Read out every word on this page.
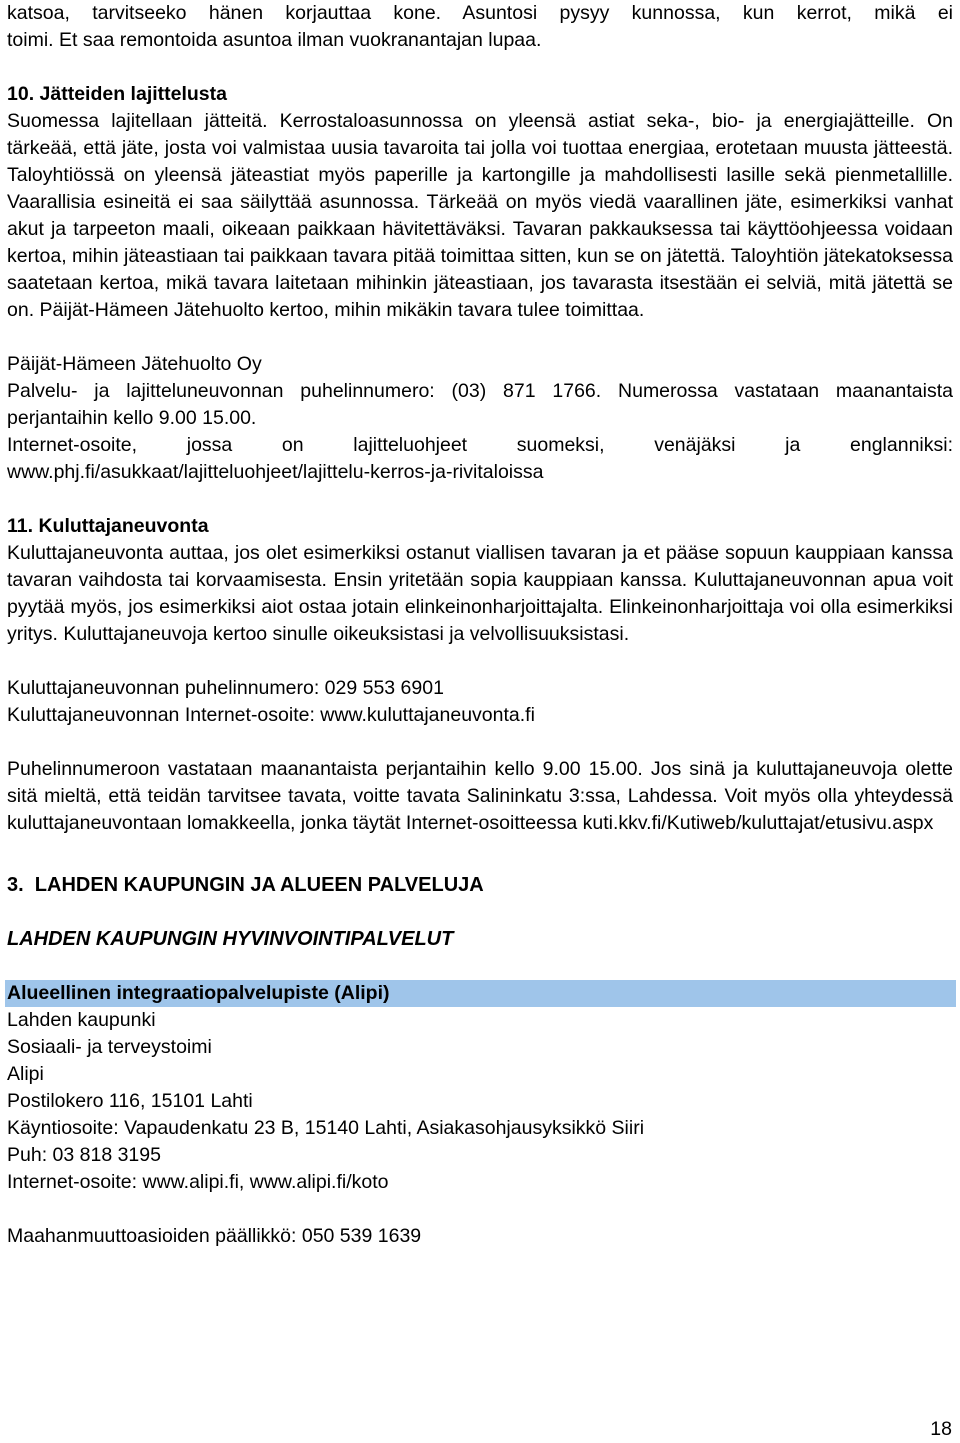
katsoa, tarvitseeko hänen korjauttaa kone. Asuntosi pysyy kunnossa, kun kerrot, mikä ei

toimi. Et saa remontoida asuntoa ilman vuokranantajan lupaa.

10. Jätteiden lajittelusta

Suomessa lajitellaan jätteitä. Kerrostaloasunnossa on yleensä astiat seka-, bio- ja energiajätteille. On tärkeää, että jäte, josta voi valmistaa uusia tavaroita tai jolla voi tuottaa energiaa, erotetaan muusta jätteestä. Taloyhtiössä on yleensä jäteastiat myös paperille ja kartongille ja mahdollisesti lasille sekä pienmetallille. Vaarallisia esineitä ei saa säilyttää asunnossa. Tärkeää on myös viedä vaarallinen jäte, esimerkiksi vanhat akut ja tarpeeton maali, oikeaan paikkaan hävitettäväksi. Tavaran pakkauksessa tai käyttöohjeessa voidaan kertoa, mihin jäteastiaan tai paikkaan tavara pitää toimittaa sitten, kun se on jätettä. Taloyhtiön jätekatoksessa saatetaan kertoa, mikä tavara laitetaan mihinkin jäteastiaan, jos tavarasta itsestään ei selviä, mitä jätettä se on. Päijät-Hämeen Jätehuolto kertoo, mihin mikäkin tavara tulee toimittaa.

Päijät-Hämeen Jätehuolto Oy

Palvelu- ja lajitteluneuvonnan puhelinnumero: (03) 871 1766. Numerossa vastataan maanantaista perjantaihin kello 9.00 15.00.

Internet-osoite, jossa on lajitteluohjeet suomeksi, venäjäksi ja englanniksi:

www.phj.fi/asukkaat/lajitteluohjeet/lajittelu-kerros-ja-rivitaloissa

11. Kuluttajaneuvonta

Kuluttajaneuvonta auttaa, jos olet esimerkiksi ostanut viallisen tavaran ja et pääse sopuun kauppiaan kanssa tavaran vaihdosta tai korvaamisesta. Ensin yritetään sopia kauppiaan kanssa. Kuluttajaneuvonnan apua voit pyytää myös, jos esimerkiksi aiot ostaa jotain elinkeinonharjoittajalta. Elinkeinonharjoittaja voi olla esimerkiksi yritys. Kuluttajaneuvoja kertoo sinulle oikeuksistasi ja velvollisuuksistasi.

Kuluttajaneuvonnan puhelinnumero: 029 553 6901

Kuluttajaneuvonnan Internet-osoite: www.kuluttajaneuvonta.fi

Puhelinnumeroon vastataan maanantaista perjantaihin kello 9.00 15.00. Jos sinä ja kuluttajaneuvoja olette sitä mieltä, että teidän tarvitsee tavata, voitte tavata Salininkatu 3:ssa, Lahdessa. Voit myös olla yhteydessä kuluttajaneuvontaan lomakkeella, jonka täytät Internet-osoitteessa kuti.kkv.fi/Kutiweb/kuluttajat/etusivu.aspx

3.  LAHDEN KAUPUNGIN JA ALUEEN PALVELUJA

LAHDEN KAUPUNGIN HYVINVOINTIPALVELUT

Alueellinen integraatiopalvelupiste (Alipi)

Lahden kaupunki

Sosiaali- ja terveystoimi

Alipi

Postilokero 116, 15101 Lahti

Käyntiosoite: Vapaudenkatu 23 B, 15140 Lahti, Asiakasohjausyksikkö Siiri

Puh: 03 818 3195

Internet-osoite: www.alipi.fi, www.alipi.fi/koto

Maahanmuuttoasioiden päällikkö: 050 539 1639

18
